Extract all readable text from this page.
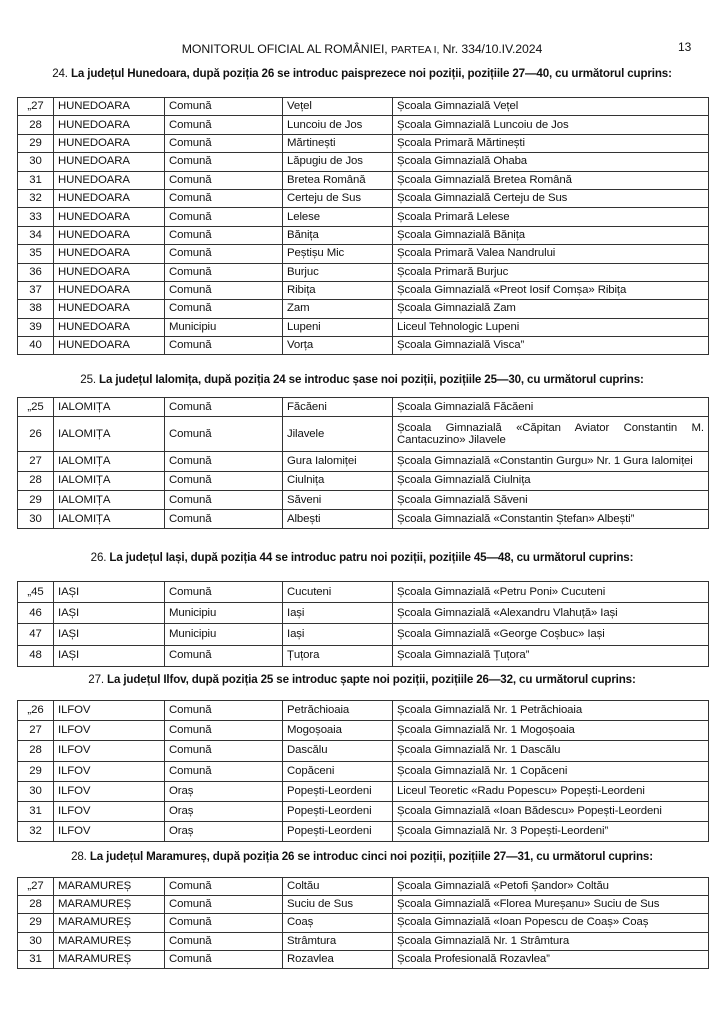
MONITORUL OFICIAL AL ROMÂNIEI, PARTEA I, Nr. 334/10.IV.2024	13
24. La județul Hunedoara, după poziția 26 se introduc paisprezece noi poziții, pozițiile 27—40, cu următorul cuprins:
„27	HUNEDOARA	Comună	Vețel	Școala Gimnazială Vețel
28	HUNEDOARA	Comună	Luncoiu de Jos	Școala Gimnazială Luncoiu de Jos
29	HUNEDOARA	Comună	Mărtinești	Școala Primară Mărtinești
30	HUNEDOARA	Comună	Lăpugiu de Jos	Școala Gimnazială Ohaba
31	HUNEDOARA	Comună	Bretea Română	Școala Gimnazială Bretea Română
32	HUNEDOARA	Comună	Certeju de Sus	Școala Gimnazială Certeju de Sus
33	HUNEDOARA	Comună	Lelese	Școala Primară Lelese
34	HUNEDOARA	Comună	Bănița	Școala Gimnazială Bănița
35	HUNEDOARA	Comună	Peștișu Mic	Școala Primară Valea Nandrului
36	HUNEDOARA	Comună	Burjuc	Școala Primară Burjuc
37	HUNEDOARA	Comună	Ribița	Școala Gimnazială «Preot Iosif Comșa» Ribița
38	HUNEDOARA	Comună	Zam	Școala Gimnazială Zam
39	HUNEDOARA	Municipiu	Lupeni	Liceul Tehnologic Lupeni
40	HUNEDOARA	Comună	Vorța	Școala Gimnazială Visca”
25. La județul Ialomița, după poziția 24 se introduc șase noi poziții, pozițiile 25—30, cu următorul cuprins:
„25	IALOMIȚA	Comună	Făcăeni	Școala Gimnazială Făcăeni
26	IALOMIȚA	Comună	Jilavele	Școala Gimnazială «Căpitan Aviator Constantin M. Cantacuzino» Jilavele
27	IALOMIȚA	Comună	Gura Ialomiței	Școala Gimnazială «Constantin Gurgu» Nr. 1 Gura Ialomiței
28	IALOMIȚA	Comună	Ciulnița	Școala Gimnazială Ciulnița
29	IALOMIȚA	Comună	Săveni	Școala Gimnazială Săveni
30	IALOMIȚA	Comună	Albești	Școala Gimnazială «Constantin Ștefan» Albești”
26. La județul Iași, după poziția 44 se introduc patru noi poziții, pozițiile 45—48, cu următorul cuprins:
„45	IAȘI	Comună	Cucuteni	Școala Gimnazială «Petru Poni» Cucuteni
46	IAȘI	Municipiu	Iași	Școala Gimnazială «Alexandru Vlahuță» Iași
47	IAȘI	Municipiu	Iași	Școala Gimnazială «George Coșbuc» Iași
48	IAȘI	Comună	Țuțora	Școala Gimnazială Țuțora”
27. La județul Ilfov, după poziția 25 se introduc șapte noi poziții, pozițiile 26—32, cu următorul cuprins:
„26	ILFOV	Comună	Petrăchioaia	Școala Gimnazială Nr. 1 Petrăchioaia
27	ILFOV	Comună	Mogoșoaia	Școala Gimnazială Nr. 1 Mogoșoaia
28	ILFOV	Comună	Dascălu	Școala Gimnazială Nr. 1 Dascălu
29	ILFOV	Comună	Copăceni	Școala Gimnazială Nr. 1 Copăceni
30	ILFOV	Oraș	Popești-Leordeni	Liceul Teoretic «Radu Popescu» Popești-Leordeni
31	ILFOV	Oraș	Popești-Leordeni	Școala Gimnazială «Ioan Bădescu» Popești-Leordeni
32	ILFOV	Oraș	Popești-Leordeni	Școala Gimnazială Nr. 3 Popești-Leordeni”
28. La județul Maramureș, după poziția 26 se introduc cinci noi poziții, pozițiile 27—31, cu următorul cuprins:
„27	MARAMUREȘ	Comună	Coltău	Școala Gimnazială «Petofi Șandor» Coltău
28	MARAMUREȘ	Comună	Suciu de Sus	Școala Gimnazială «Florea Mureșanu» Suciu de Sus
29	MARAMUREȘ	Comună	Coaș	Școala Gimnazială «Ioan Popescu de Coaș» Coaș
30	MARAMUREȘ	Comună	Strâmtura	Școala Gimnazială Nr. 1 Strâmtura
31	MARAMUREȘ	Comună	Rozavlea	Școala Profesională Rozavlea”
